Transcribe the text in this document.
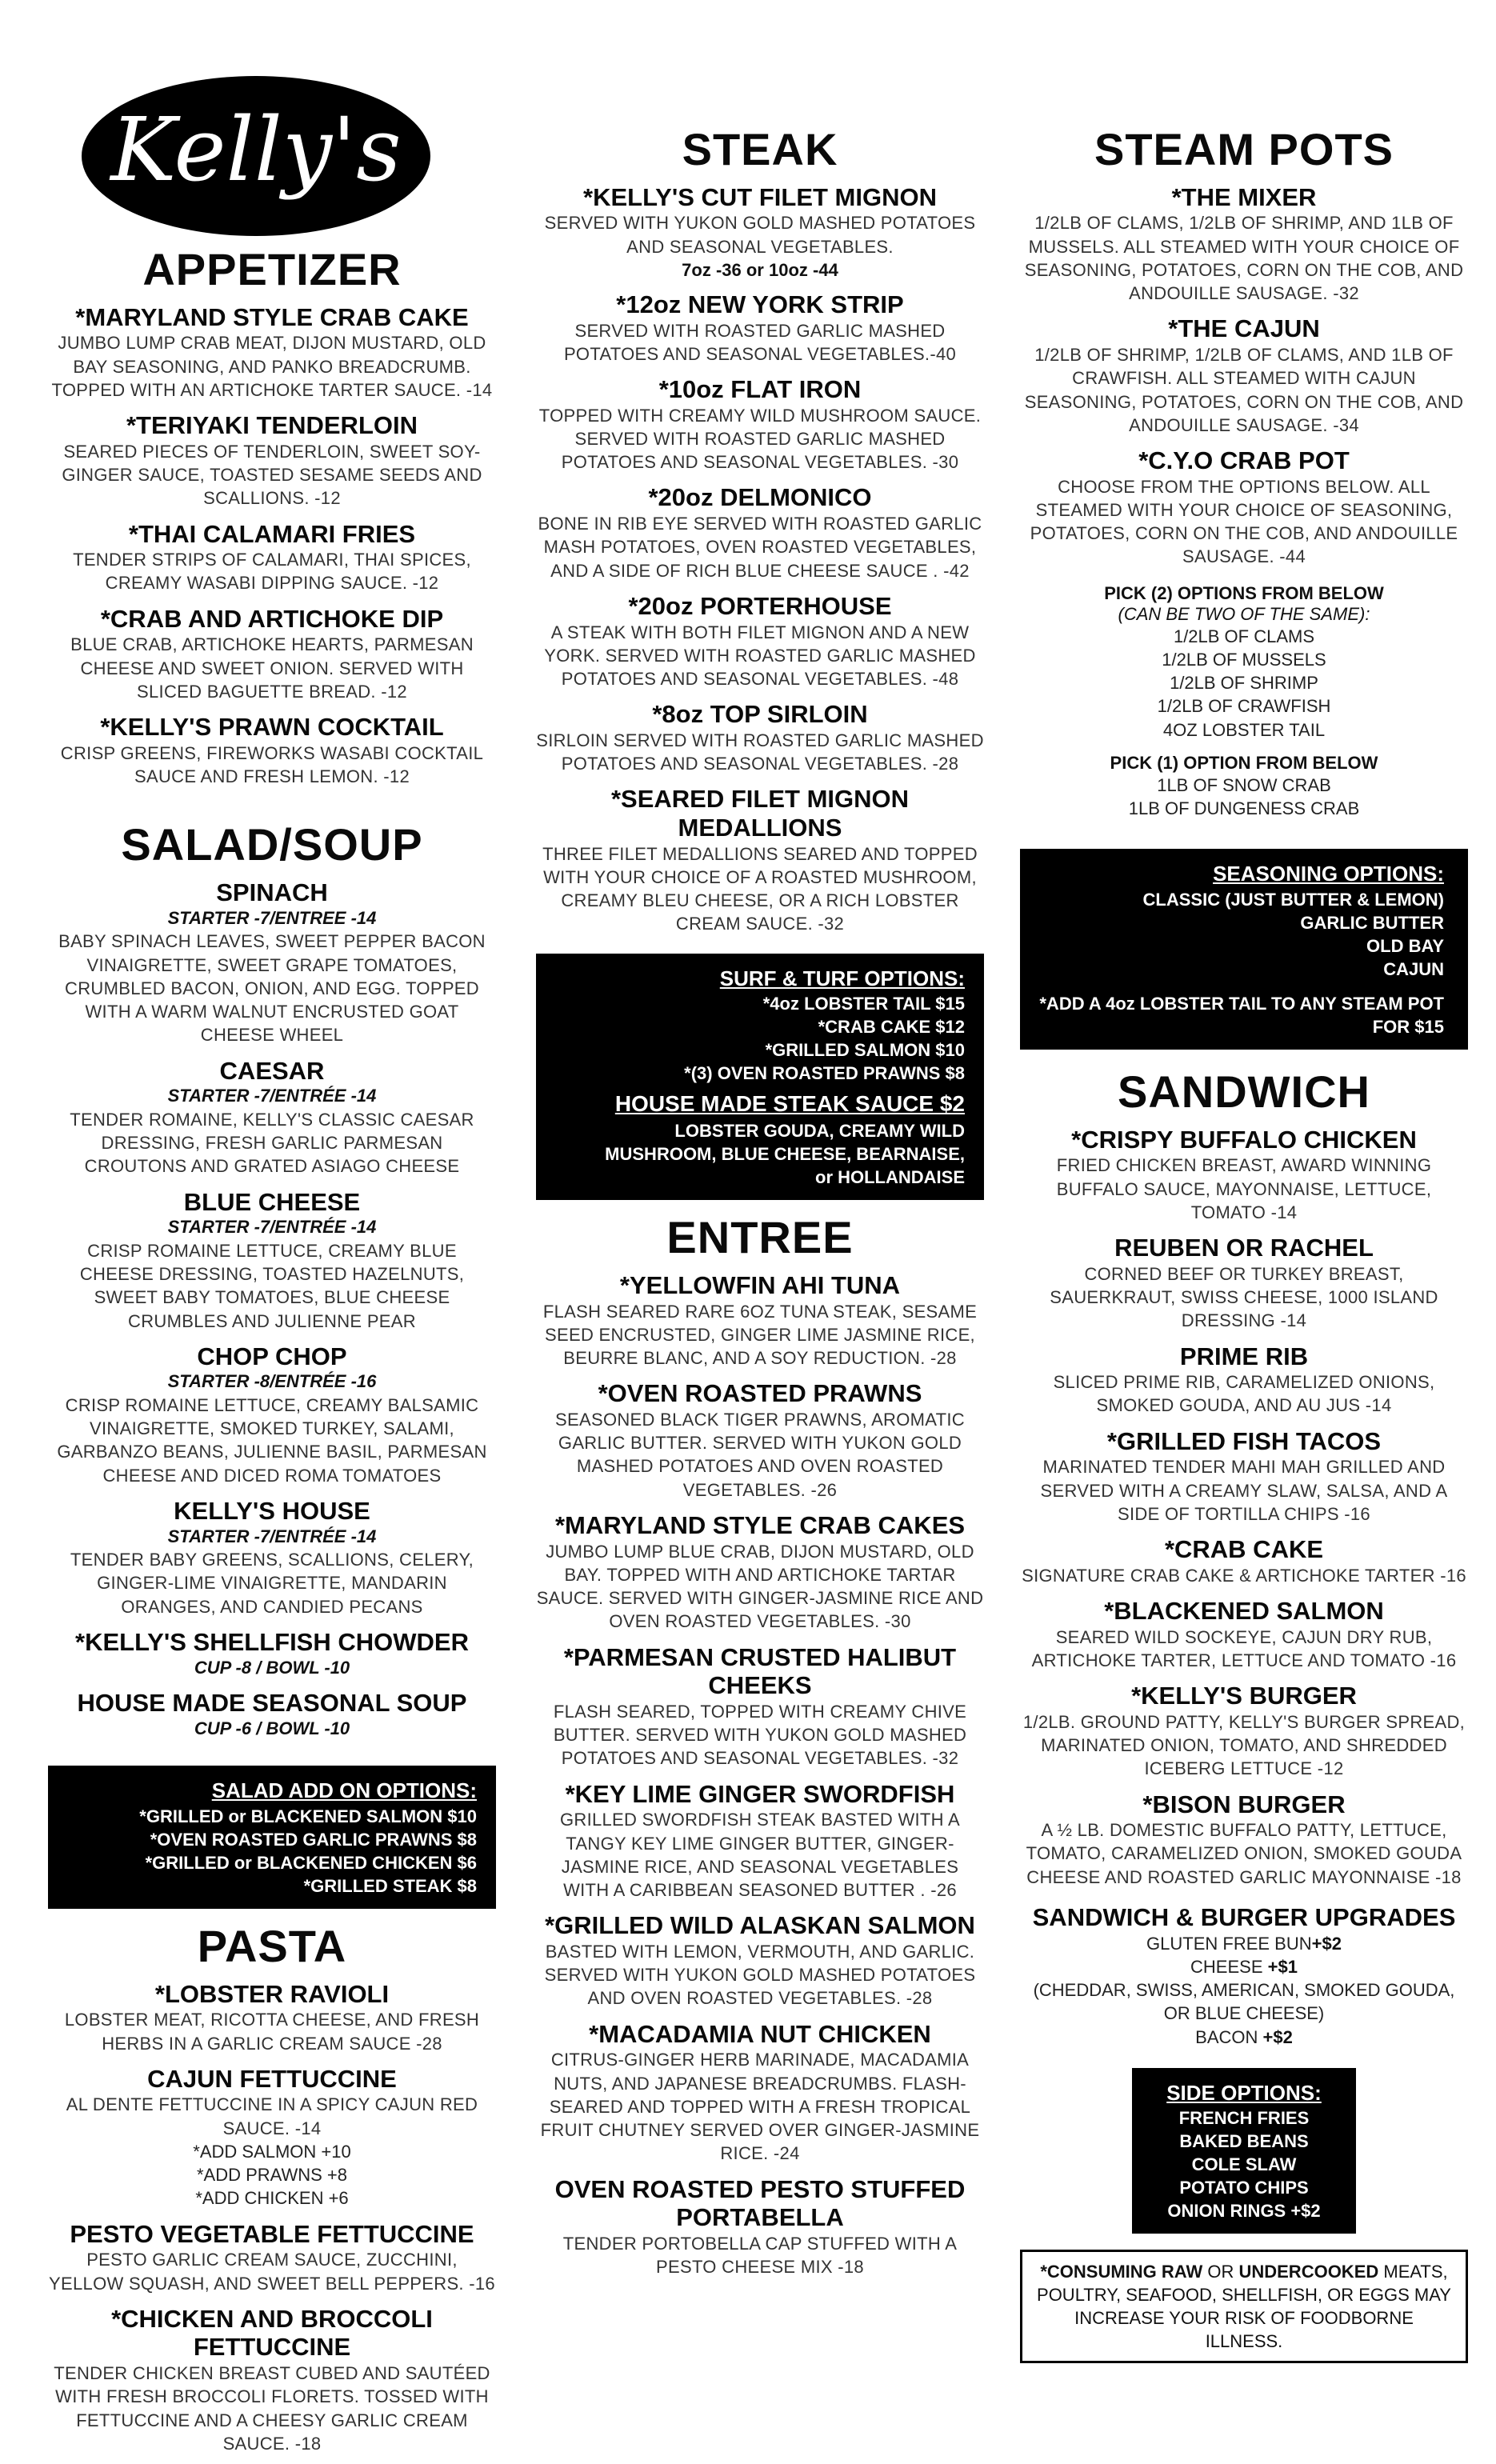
Kelly's
APPETIZER
*MARYLAND STYLE CRAB CAKE
JUMBO LUMP CRAB MEAT, DIJON MUSTARD, OLD BAY SEASONING, AND PANKO BREADCRUMB. TOPPED WITH AN ARTICHOKE TARTER SAUCE. -14
*TERIYAKI TENDERLOIN
SEARED PIECES OF TENDERLOIN, SWEET SOY-GINGER SAUCE, TOASTED SESAME SEEDS AND SCALLIONS. -12
*THAI CALAMARI FRIES
TENDER STRIPS OF CALAMARI, THAI SPICES, CREAMY WASABI DIPPING SAUCE. -12
*CRAB AND ARTICHOKE DIP
BLUE CRAB, ARTICHOKE HEARTS, PARMESAN CHEESE AND SWEET ONION. SERVED WITH SLICED BAGUETTE BREAD. -12
*KELLY'S PRAWN COCKTAIL
CRISP GREENS, FIREWORKS WASABI COCKTAIL SAUCE AND FRESH LEMON. -12
SALAD/SOUP
SPINACH
STARTER -7/ENTREE -14
BABY SPINACH LEAVES, SWEET PEPPER BACON VINAIGRETTE, SWEET GRAPE TOMATOES, CRUMBLED BACON, ONION, AND EGG. TOPPED WITH A WARM WALNUT ENCRUSTED GOAT CHEESE WHEEL
CAESAR
STARTER -7/ENTRÉE -14
TENDER ROMAINE, KELLY'S CLASSIC CAESAR DRESSING, FRESH GARLIC PARMESAN CROUTONS AND GRATED ASIAGO CHEESE
BLUE CHEESE
STARTER -7/ENTRÉE -14
CRISP ROMAINE LETTUCE, CREAMY BLUE CHEESE DRESSING, TOASTED HAZELNUTS, SWEET BABY TOMATOES, BLUE CHEESE CRUMBLES AND JULIENNE PEAR
CHOP CHOP
STARTER -8/ENTRÉE -16
CRISP ROMAINE LETTUCE, CREAMY BALSAMIC VINAIGRETTE, SMOKED TURKEY, SALAMI, GARBANZO BEANS, JULIENNE BASIL, PARMESAN CHEESE AND DICED ROMA TOMATOES
KELLY'S HOUSE
STARTER -7/ENTRÉE -14
TENDER BABY GREENS, SCALLIONS, CELERY, GINGER-LIME VINAIGRETTE, MANDARIN ORANGES, AND CANDIED PECANS
*KELLY'S SHELLFISH CHOWDER
CUP -8 / BOWL -10
HOUSE MADE SEASONAL SOUP
CUP -6 / BOWL -10
SALAD ADD ON OPTIONS:
*GRILLED or BLACKENED SALMON $10
*OVEN ROASTED GARLIC PRAWNS $8
*GRILLED or BLACKENED CHICKEN $6
*GRILLED STEAK $8
PASTA
*LOBSTER RAVIOLI
LOBSTER MEAT, RICOTTA CHEESE, AND FRESH HERBS IN A GARLIC CREAM SAUCE -28
CAJUN FETTUCCINE
AL DENTE FETTUCCINE IN A SPICY CAJUN RED SAUCE. -14
*ADD SALMON +10
*ADD PRAWNS +8
*ADD CHICKEN +6
PESTO VEGETABLE FETTUCCINE
PESTO GARLIC CREAM SAUCE, ZUCCHINI, YELLOW SQUASH, AND SWEET BELL PEPPERS. -16
*CHICKEN AND BROCCOLI FETTUCCINE
TENDER CHICKEN BREAST CUBED AND SAUTÉED WITH FRESH BROCCOLI FLORETS. TOSSED WITH FETTUCCINE AND A CHEESY GARLIC CREAM SAUCE. -18
STEAK
*KELLY'S CUT FILET MIGNON
SERVED WITH YUKON GOLD MASHED POTATOES AND SEASONAL VEGETABLES.
7oz -36 or 10oz -44
*12oz NEW YORK STRIP
SERVED WITH ROASTED GARLIC MASHED POTATOES AND SEASONAL VEGETABLES.-40
*10oz FLAT IRON
TOPPED WITH CREAMY WILD MUSHROOM SAUCE. SERVED WITH ROASTED GARLIC MASHED POTATOES AND SEASONAL VEGETABLES. -30
*20oz DELMONICO
BONE IN RIB EYE SERVED WITH ROASTED GARLIC MASH POTATOES, OVEN ROASTED VEGETABLES, AND A SIDE OF RICH BLUE CHEESE SAUCE . -42
*20oz PORTERHOUSE
A STEAK WITH BOTH FILET MIGNON AND A NEW YORK. SERVED WITH ROASTED GARLIC MASHED POTATOES AND SEASONAL VEGETABLES. -48
*8oz TOP SIRLOIN
SIRLOIN SERVED WITH ROASTED GARLIC MASHED POTATOES AND SEASONAL VEGETABLES. -28
*SEARED FILET MIGNON MEDALLIONS
THREE FILET MEDALLIONS SEARED AND TOPPED WITH YOUR CHOICE OF A ROASTED MUSHROOM, CREAMY BLEU CHEESE, OR A RICH LOBSTER CREAM SAUCE. -32
SURF & TURF OPTIONS:
*4oz LOBSTER TAIL $15
*CRAB CAKE $12
*GRILLED SALMON $10
*(3) OVEN ROASTED PRAWNS $8
HOUSE MADE STEAK SAUCE $2
LOBSTER GOUDA, CREAMY WILD
MUSHROOM, BLUE CHEESE, BEARNAISE,
or HOLLANDAISE
ENTREE
*YELLOWFIN AHI TUNA
FLASH SEARED RARE 6OZ TUNA STEAK, SESAME SEED ENCRUSTED, GINGER LIME JASMINE RICE, BEURRE BLANC, AND A SOY REDUCTION. -28
*OVEN ROASTED PRAWNS
SEASONED BLACK TIGER PRAWNS, AROMATIC GARLIC BUTTER. SERVED WITH YUKON GOLD MASHED POTATOES AND OVEN ROASTED VEGETABLES. -26
*MARYLAND STYLE CRAB CAKES
JUMBO LUMP BLUE CRAB, DIJON MUSTARD, OLD BAY. TOPPED WITH AND ARTICHOKE TARTAR SAUCE. SERVED WITH GINGER-JASMINE RICE AND OVEN ROASTED VEGETABLES. -30
*PARMESAN CRUSTED HALIBUT CHEEKS
FLASH SEARED, TOPPED WITH CREAMY CHIVE BUTTER. SERVED WITH YUKON GOLD MASHED POTATOES AND SEASONAL VEGETABLES. -32
*KEY LIME GINGER SWORDFISH
GRILLED SWORDFISH STEAK BASTED WITH A TANGY KEY LIME GINGER BUTTER, GINGER-JASMINE RICE, AND SEASONAL VEGETABLES WITH A CARIBBEAN SEASONED BUTTER . -26
*GRILLED WILD ALASKAN SALMON
BASTED WITH LEMON, VERMOUTH, AND GARLIC. SERVED WITH YUKON GOLD MASHED POTATOES AND OVEN ROASTED VEGETABLES. -28
*MACADAMIA NUT CHICKEN
CITRUS-GINGER HERB MARINADE, MACADAMIA NUTS, AND JAPANESE BREADCRUMBS. FLASH-SEARED AND TOPPED WITH A FRESH TROPICAL FRUIT CHUTNEY SERVED OVER GINGER-JASMINE RICE. -24
OVEN ROASTED PESTO STUFFED PORTABELLA
TENDER PORTOBELLA CAP STUFFED WITH A PESTO CHEESE MIX -18
STEAM POTS
*THE MIXER
1/2LB OF CLAMS, 1/2LB OF SHRIMP, AND 1LB OF MUSSELS. ALL STEAMED WITH YOUR CHOICE OF SEASONING, POTATOES, CORN ON THE COB, AND ANDOUILLE SAUSAGE. -32
*THE CAJUN
1/2LB OF SHRIMP, 1/2LB OF CLAMS, AND 1LB OF CRAWFISH. ALL STEAMED WITH CAJUN SEASONING, POTATOES, CORN ON THE COB, AND ANDOUILLE SAUSAGE. -34
*C.Y.O CRAB POT
CHOOSE FROM THE OPTIONS BELOW. ALL STEAMED WITH YOUR CHOICE OF SEASONING, POTATOES, CORN ON THE COB, AND ANDOUILLE SAUSAGE. -44
PICK (2) OPTIONS FROM BELOW
(CAN BE TWO OF THE SAME):
1/2LB OF CLAMS
1/2LB OF MUSSELS
1/2LB OF SHRIMP
1/2LB OF CRAWFISH
4OZ LOBSTER TAIL
PICK (1) OPTION FROM BELOW
1LB OF SNOW CRAB
1LB OF DUNGENESS CRAB
SEASONING OPTIONS:
CLASSIC (JUST BUTTER & LEMON)
GARLIC BUTTER
OLD BAY
CAJUN
*ADD A 4oz LOBSTER TAIL TO ANY STEAM POT FOR $15
SANDWICH
*CRISPY BUFFALO CHICKEN
FRIED CHICKEN BREAST, AWARD WINNING BUFFALO SAUCE, MAYONNAISE, LETTUCE, TOMATO -14
REUBEN OR RACHEL
CORNED BEEF OR TURKEY BREAST, SAUERKRAUT, SWISS CHEESE, 1000 ISLAND DRESSING -14
PRIME RIB
SLICED PRIME RIB, CARAMELIZED ONIONS, SMOKED GOUDA, AND AU JUS -14
*GRILLED FISH TACOS
MARINATED TENDER MAHI MAH GRILLED AND SERVED WITH A CREAMY SLAW, SALSA, AND A SIDE OF TORTILLA CHIPS -16
*CRAB CAKE
SIGNATURE CRAB CAKE & ARTICHOKE TARTER -16
*BLACKENED SALMON
SEARED WILD SOCKEYE, CAJUN DRY RUB, ARTICHOKE TARTER, LETTUCE AND TOMATO -16
*KELLY'S BURGER
1/2LB. GROUND PATTY, KELLY'S BURGER SPREAD, MARINATED ONION, TOMATO, AND SHREDDED ICEBERG LETTUCE -12
*BISON BURGER
A ½ LB. DOMESTIC BUFFALO PATTY, LETTUCE, TOMATO, CARAMELIZED ONION, SMOKED GOUDA CHEESE AND ROASTED GARLIC MAYONNAISE -18
SANDWICH & BURGER UPGRADES
GLUTEN FREE BUN+$2
CHEESE +$1
(CHEDDAR, SWISS, AMERICAN, SMOKED GOUDA, OR BLUE CHEESE)
BACON +$2
SIDE OPTIONS:
FRENCH FRIES
BAKED BEANS
COLE SLAW
POTATO CHIPS
ONION RINGS +$2
*CONSUMING RAW OR UNDERCOOKED MEATS, POULTRY, SEAFOOD, SHELLFISH, OR EGGS MAY INCREASE YOUR RISK OF FOODBORNE ILLNESS.
